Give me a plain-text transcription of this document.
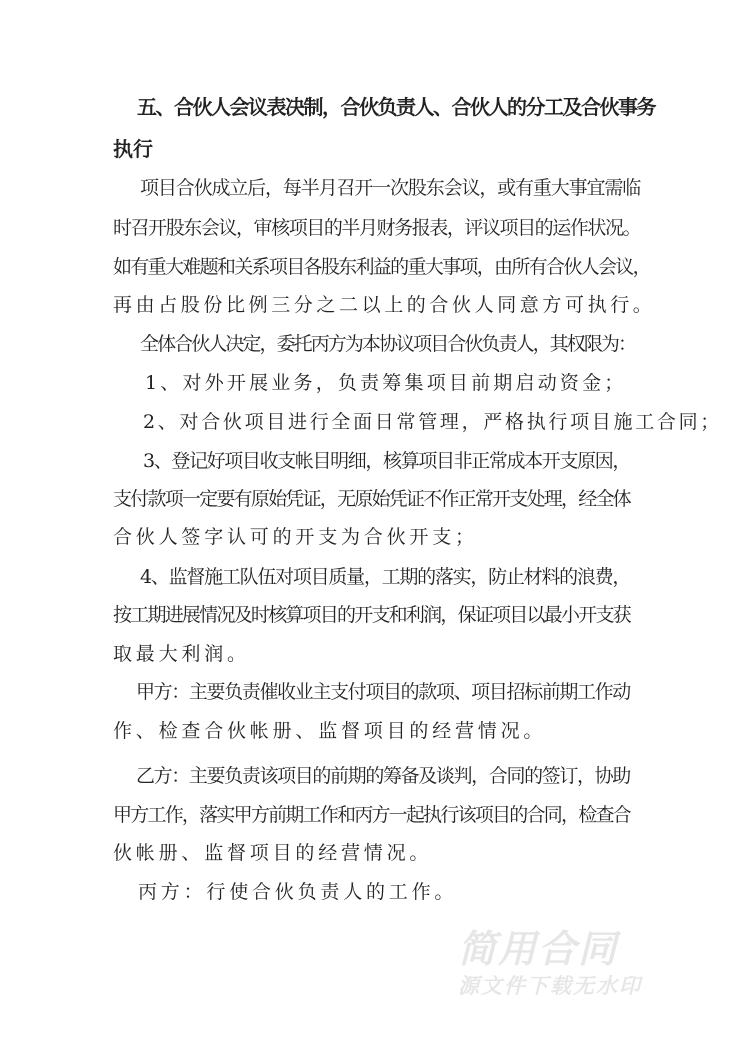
五、合伙人会议表决制，合伙负责人、合伙人的分工及合伙事务
执行
项目合伙成立后，每半月召开一次股东会议，或有重大事宜需临
时召开股东会议，审核项目的半月财务报表，评议项目的运作状况。
如有重大难题和关系项目各股东利益的重大事项，由所有合伙人会议，
再由占股份比例三分之二以上的合伙人同意方可执行。
全体合伙人决定，委托丙方为本协议项目合伙负责人，其权限为：
1、对外开展业务，负责筹集项目前期启动资金；
2、对合伙项目进行全面日常管理，严格执行项目施工合同；
3、登记好项目收支帐目明细，核算项目非正常成本开支原因，
支付款项一定要有原始凭证，无原始凭证不作正常开支处理，经全体
合伙人签字认可的开支为合伙开支；
4、监督施工队伍对项目质量，工期的落实，防止材料的浪费，
按工期进展情况及时核算项目的开支和利润，保证项目以最小开支获
取最大利润。
甲方：主要负责催收业主支付项目的款项、项目招标前期工作动
作、检查合伙帐册、监督项目的经营情况。
乙方：主要负责该项目的前期的筹备及谈判，合同的签订，协助
甲方工作，落实甲方前期工作和丙方一起执行该项目的合同，检查合
伙帐册、监督项目的经营情况。
丙方：行使合伙负责人的工作。
简用合同
源文件下载无水印
